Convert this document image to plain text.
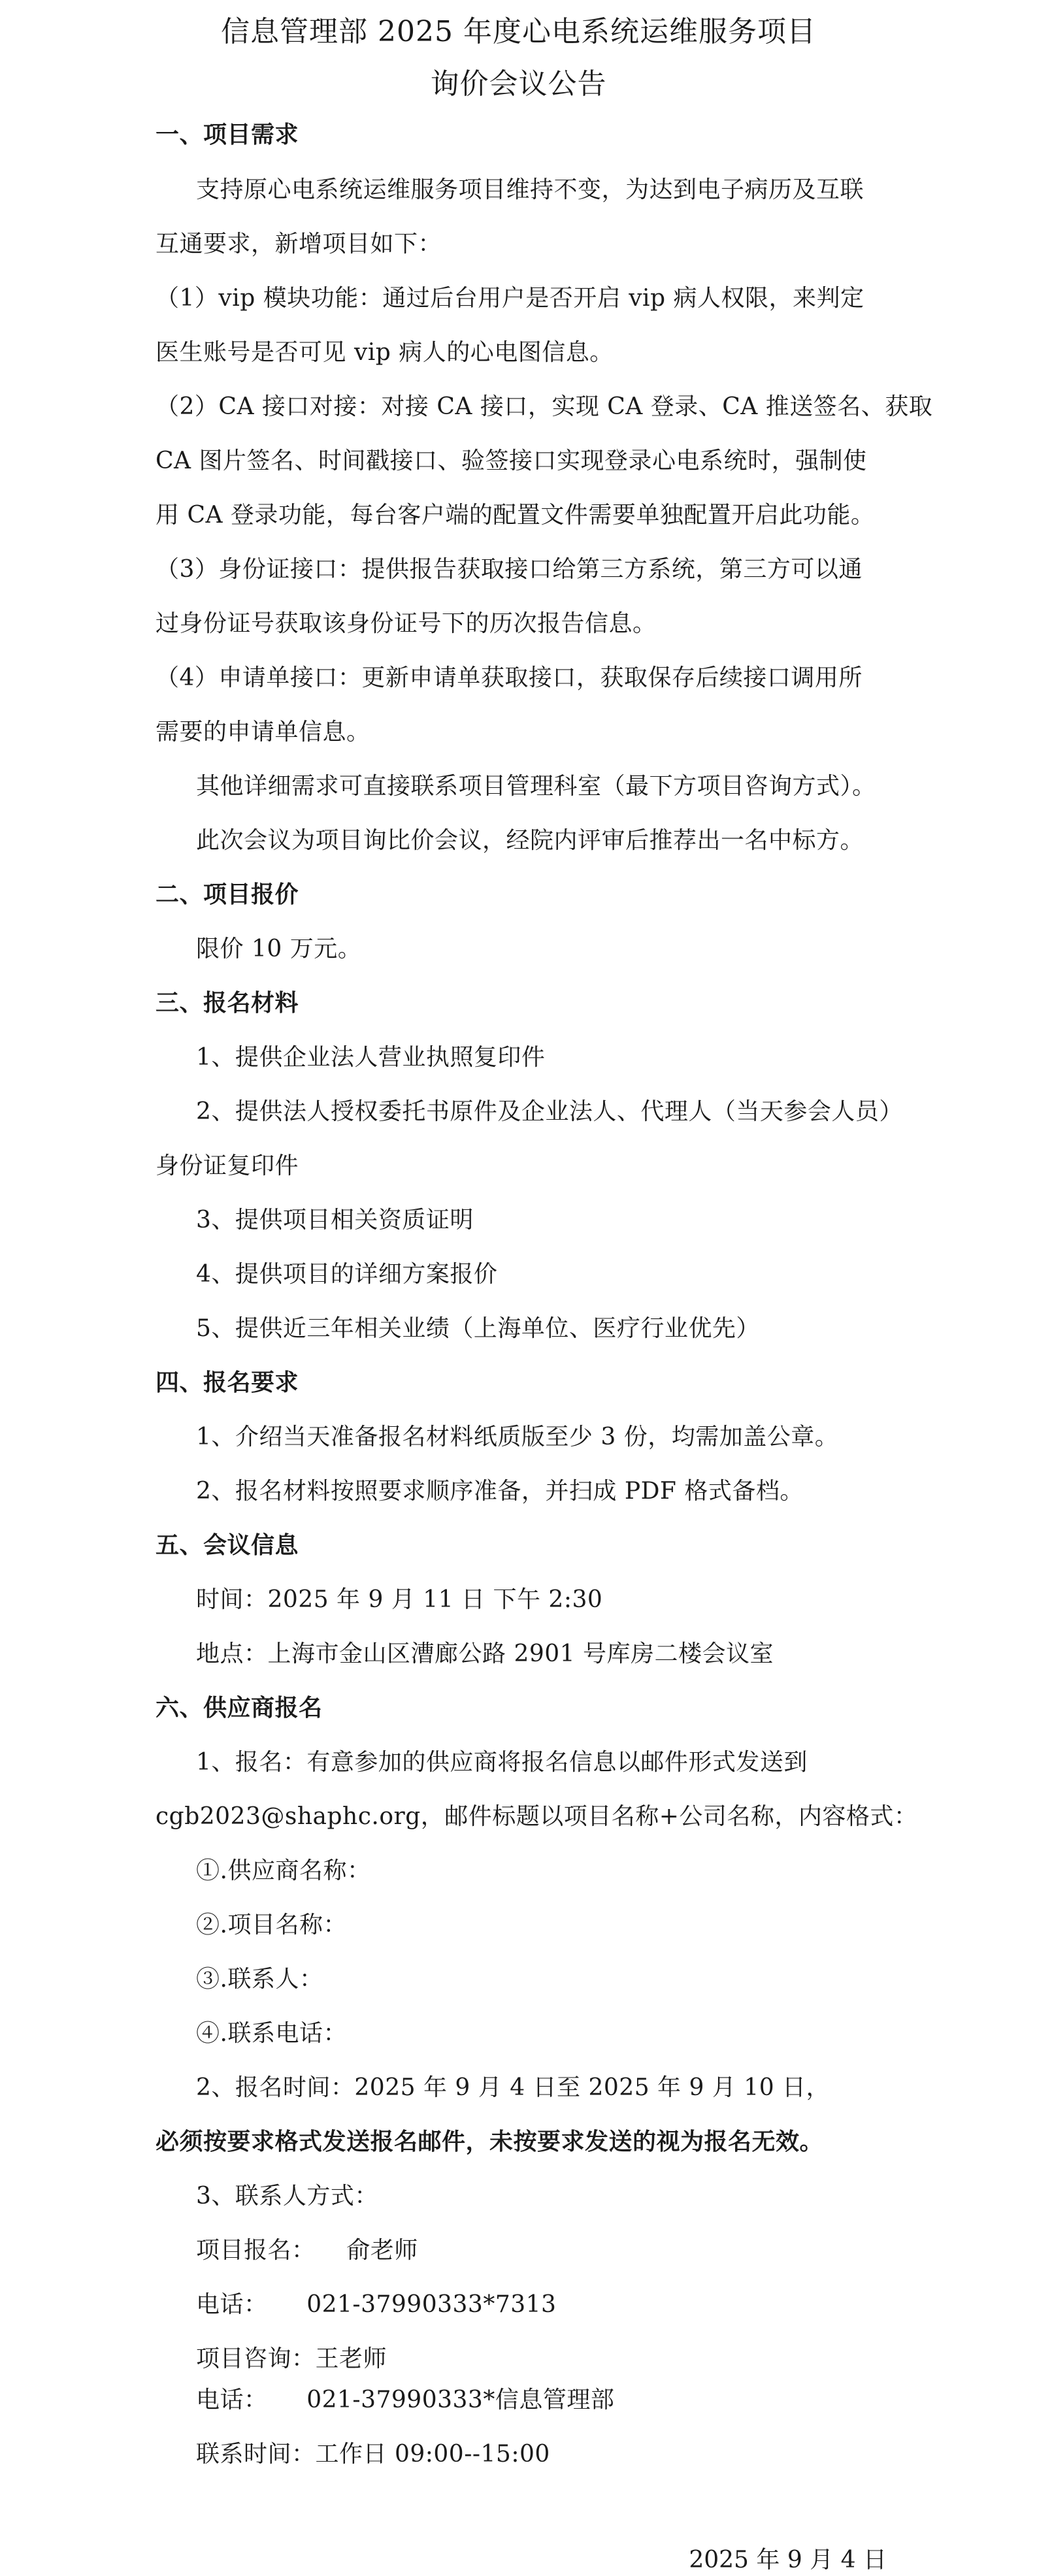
信息管理部 2025 年度心电系统运维服务项目
询价会议公告
一、项目需求
支持原心电系统运维服务项目维持不变，为达到电子病历及互联
互通要求，新增项目如下：
（1）vip 模块功能：通过后台用户是否开启 vip 病人权限，来判定
医生账号是否可见 vip 病人的心电图信息。
（2）CA 接口对接：对接 CA 接口，实现 CA 登录、CA 推送签名、获取
CA 图片签名、时间戳接口、验签接口实现登录心电系统时，强制使
用 CA 登录功能，每台客户端的配置文件需要单独配置开启此功能。
（3）身份证接口：提供报告获取接口给第三方系统，第三方可以通
过身份证号获取该身份证号下的历次报告信息。
（4）申请单接口：更新申请单获取接口，获取保存后续接口调用所
需要的申请单信息。
其他详细需求可直接联系项目管理科室（最下方项目咨询方式）。
此次会议为项目询比价会议，经院内评审后推荐出一名中标方。
二、项目报价
限价 10 万元。
三、报名材料
1、提供企业法人营业执照复印件
2、提供法人授权委托书原件及企业法人、代理人（当天参会人员）
身份证复印件
3、提供项目相关资质证明
4、提供项目的详细方案报价
5、提供近三年相关业绩（上海单位、医疗行业优先）
四、报名要求
1、介绍当天准备报名材料纸质版至少 3 份，均需加盖公章。
2、报名材料按照要求顺序准备，并扫成 PDF 格式备档。
五、会议信息
时间：2025 年 9 月 11 日 下午 2:30
地点：上海市金山区漕廊公路 2901 号库房二楼会议室
六、供应商报名
1、报名：有意参加的供应商将报名信息以邮件形式发送到
cgb2023@shaphc.org，邮件标题以项目名称+公司名称，内容格式：
①.供应商名称：
②.项目名称：
③.联系人：
④.联系电话：
2、报名时间：2025 年 9 月 4 日至 2025 年 9 月 10 日，
必须按要求格式发送报名邮件，未按要求发送的视为报名无效。
3、联系人方式：
项目报名：    俞老师
电话：     021-37990333*7313
项目咨询：王老师
电话：     021-37990333*信息管理部
联系时间：工作日 09:00--15:00
2025 年 9 月 4 日
